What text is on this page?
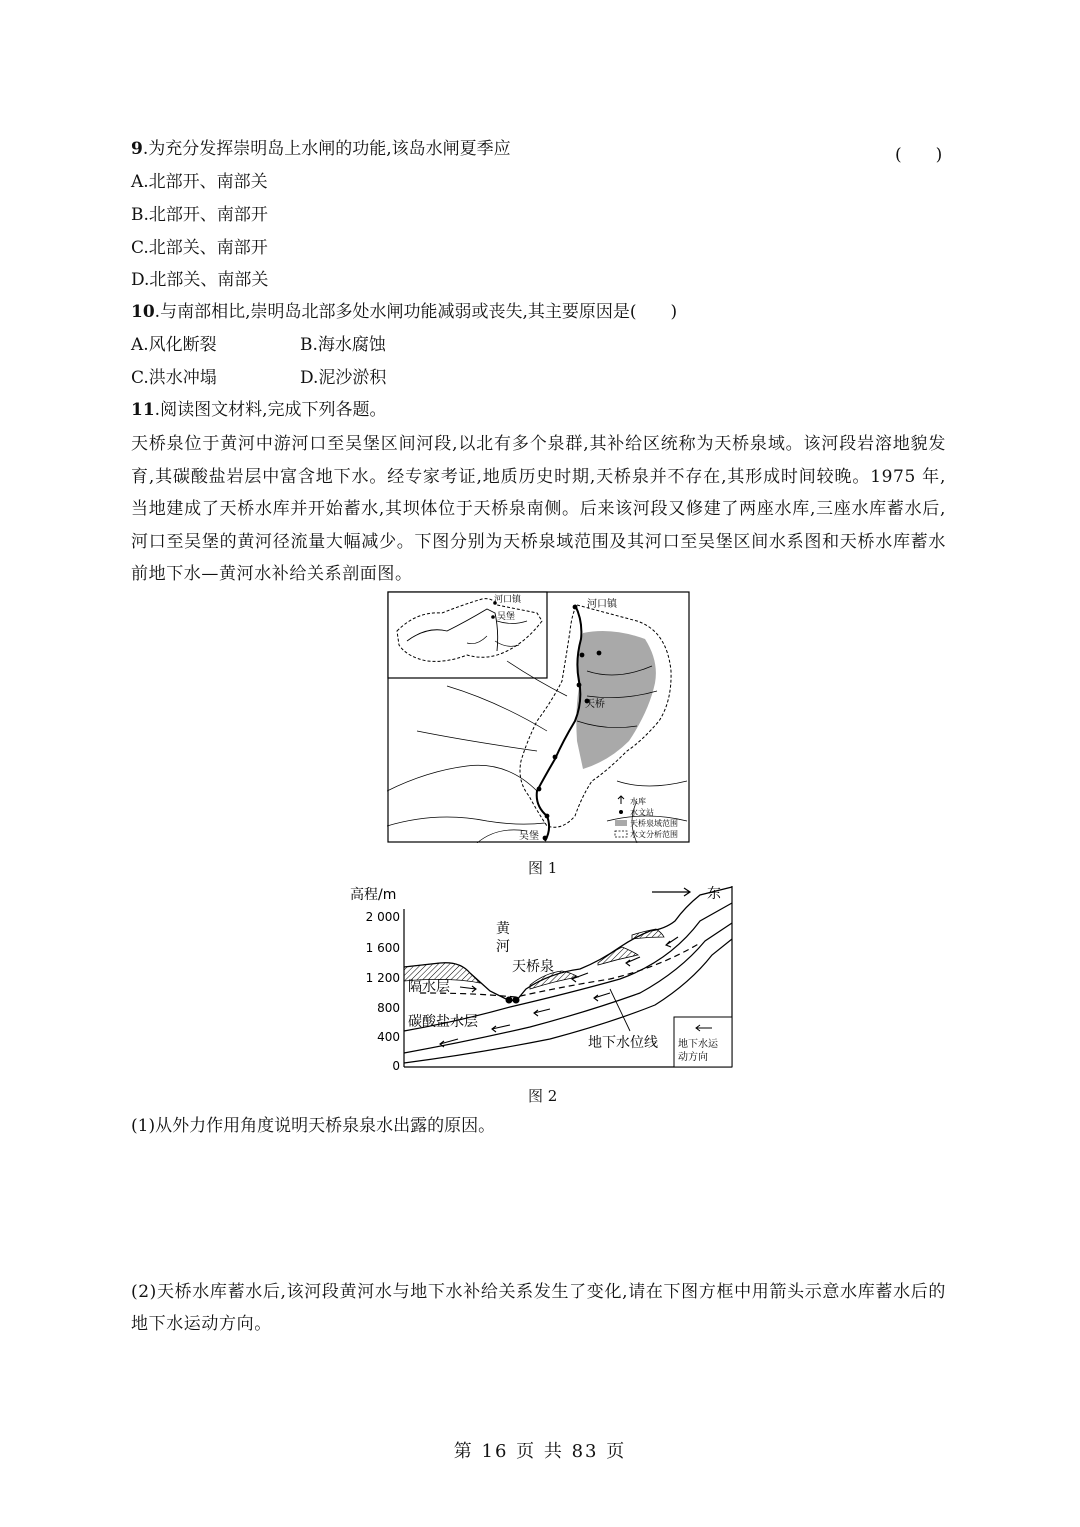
9.为充分发挥崇明岛上水闸的功能,该岛水闸夏季应	(　　)
A.北部开、南部关
B.北部开、南部开
C.北部关、南部开
D.北部关、南部关
10.与南部相比,崇明岛北部多处水闸功能减弱或丧失,其主要原因是(　　)
A.风化断裂	B.海水腐蚀
C.洪水冲塌	D.泥沙淤积
11.阅读图文材料,完成下列各题。
天桥泉位于黄河中游河口至吴堡区间河段,以北有多个泉群,其补给区统称为天桥泉域。该河段岩溶地貌发育,其碳酸盐岩层中富含地下水。经专家考证,地质历史时期,天桥泉并不存在,其形成时间较晚。1975 年,当地建成了天桥水库并开始蓄水,其坝体位于天桥泉南侧。后来该河段又修建了两座水库,三座水库蓄水后,河口至吴堡的黄河径流量大幅减少。下图分别为天桥泉域范围及其河口至吴堡区间水系图和天桥水库蓄水前地下水—黄河水补给关系剖面图。
河口镇
吴堡
河口镇
天桥
吴堡
水库
水文站
天桥泉域范围
水文分析范围
图 1
高程/m	东
2 000
1 600
1 200
800
400
0
黄
河
天桥泉
隔水层
碳酸盐水层
地下水位线 地下水运
动方向
图 2
(1)从外力作用角度说明天桥泉泉水出露的原因。
(2)天桥水库蓄水后,该河段黄河水与地下水补给关系发生了变化,请在下图方框中用箭头示意水库蓄水后的地下水运动方向。
第 16 页 共 83 页
